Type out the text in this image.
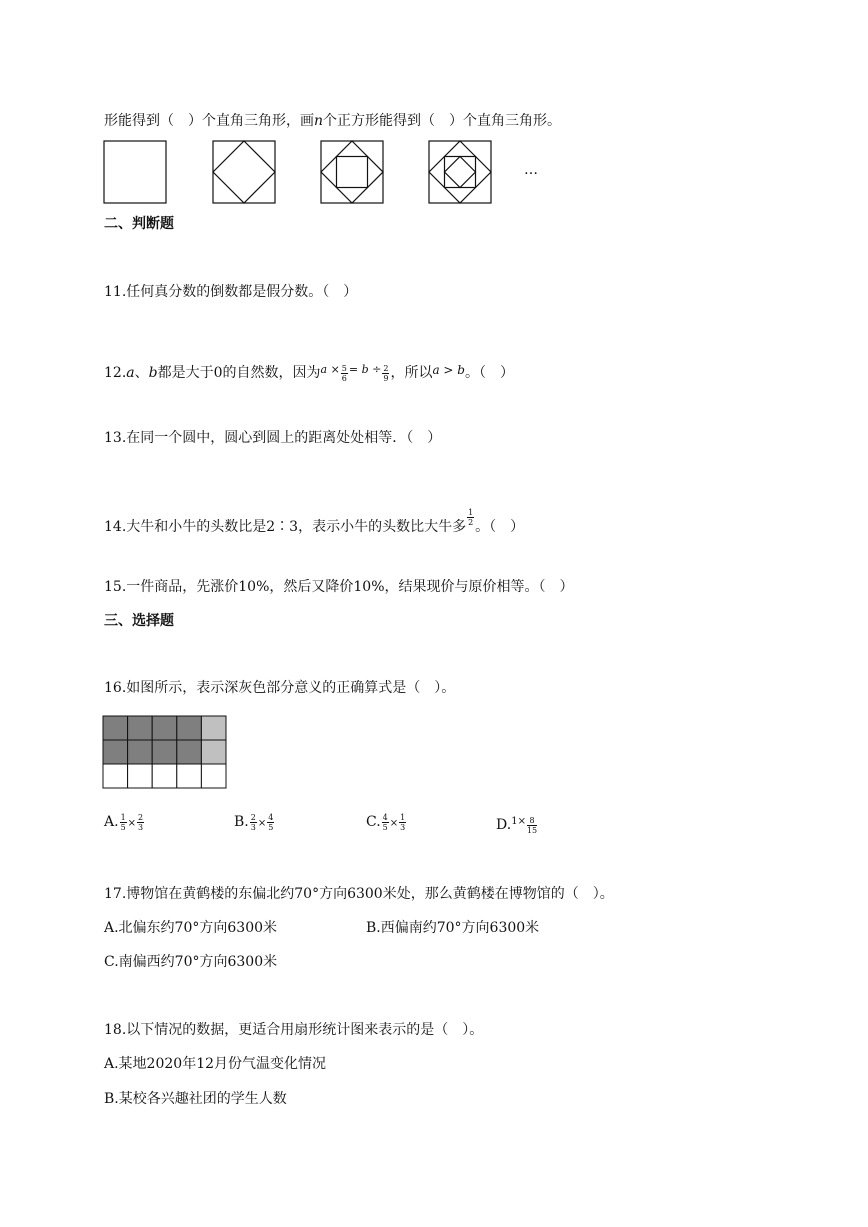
形能得到（　）个直角三角形，画n个正方形能得到（　）个直角三角形。
…
二、判断题
11.任何真分数的倒数都是假分数。（　）
12.a、b都是大于0的自然数，因为$^{a \times} \frac{5}{6} ^{= b \div} \frac{2}{9}$ ，所以a > b。（　）
13.在同一个圆中，圆心到圆上的距离处处相等．（　）
14.大牛和小牛的头数比是2∶3，表示小牛的头数比大牛多 $\frac{1}{2}$ 。（　）
15.一件商品，先涨价10%，然后又降价10%，结果现价与原价相等。（　）
三、选择题
16.如图所示，表示深灰色部分意义的正确算式是（　）。
A. $\frac{1}{5} \times \frac{2}{3}$	B. $\frac{2}{3} \times \frac{4}{5}$	C. $\frac{4}{5} \times \frac{1}{3}$	$D.^{1\times} \frac{8}{15}$
17.博物馆在黄鹤楼的东偏北约70°方向6300米处，那么黄鹤楼在博物馆的（　）。
A.北偏东约70°方向6300米	B.西偏南约70°方向6300米
C.南偏西约70°方向6300米
18.以下情况的数据，更适合用扇形统计图来表示的是（　）。
A.某地2020年12月份气温变化情况
B.某校各兴趣社团的学生人数
